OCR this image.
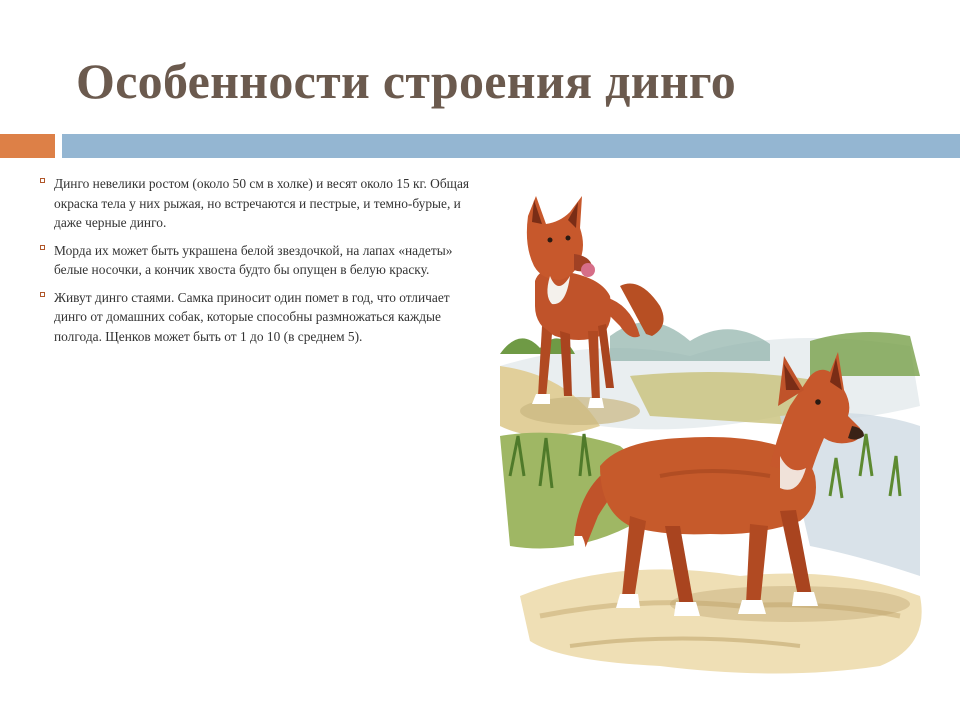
Особенности строения динго
Динго невелики ростом (около 50 см в холке) и весят около 15 кг. Общая окраска тела у них рыжая, но встречаются и пестрые, и темно-бурые, и даже черные динго.
Морда их может быть украшена белой звездочкой, на лапах «надеты» белые носочки, а кончик хвоста будто бы опущен в белую краску.
Живут динго стаями. Самка приносит один помет в год, что отличает динго от домашних собак, которые способны размножаться каждые полгода. Щенков может быть от 1 до 10 (в среднем 5).
